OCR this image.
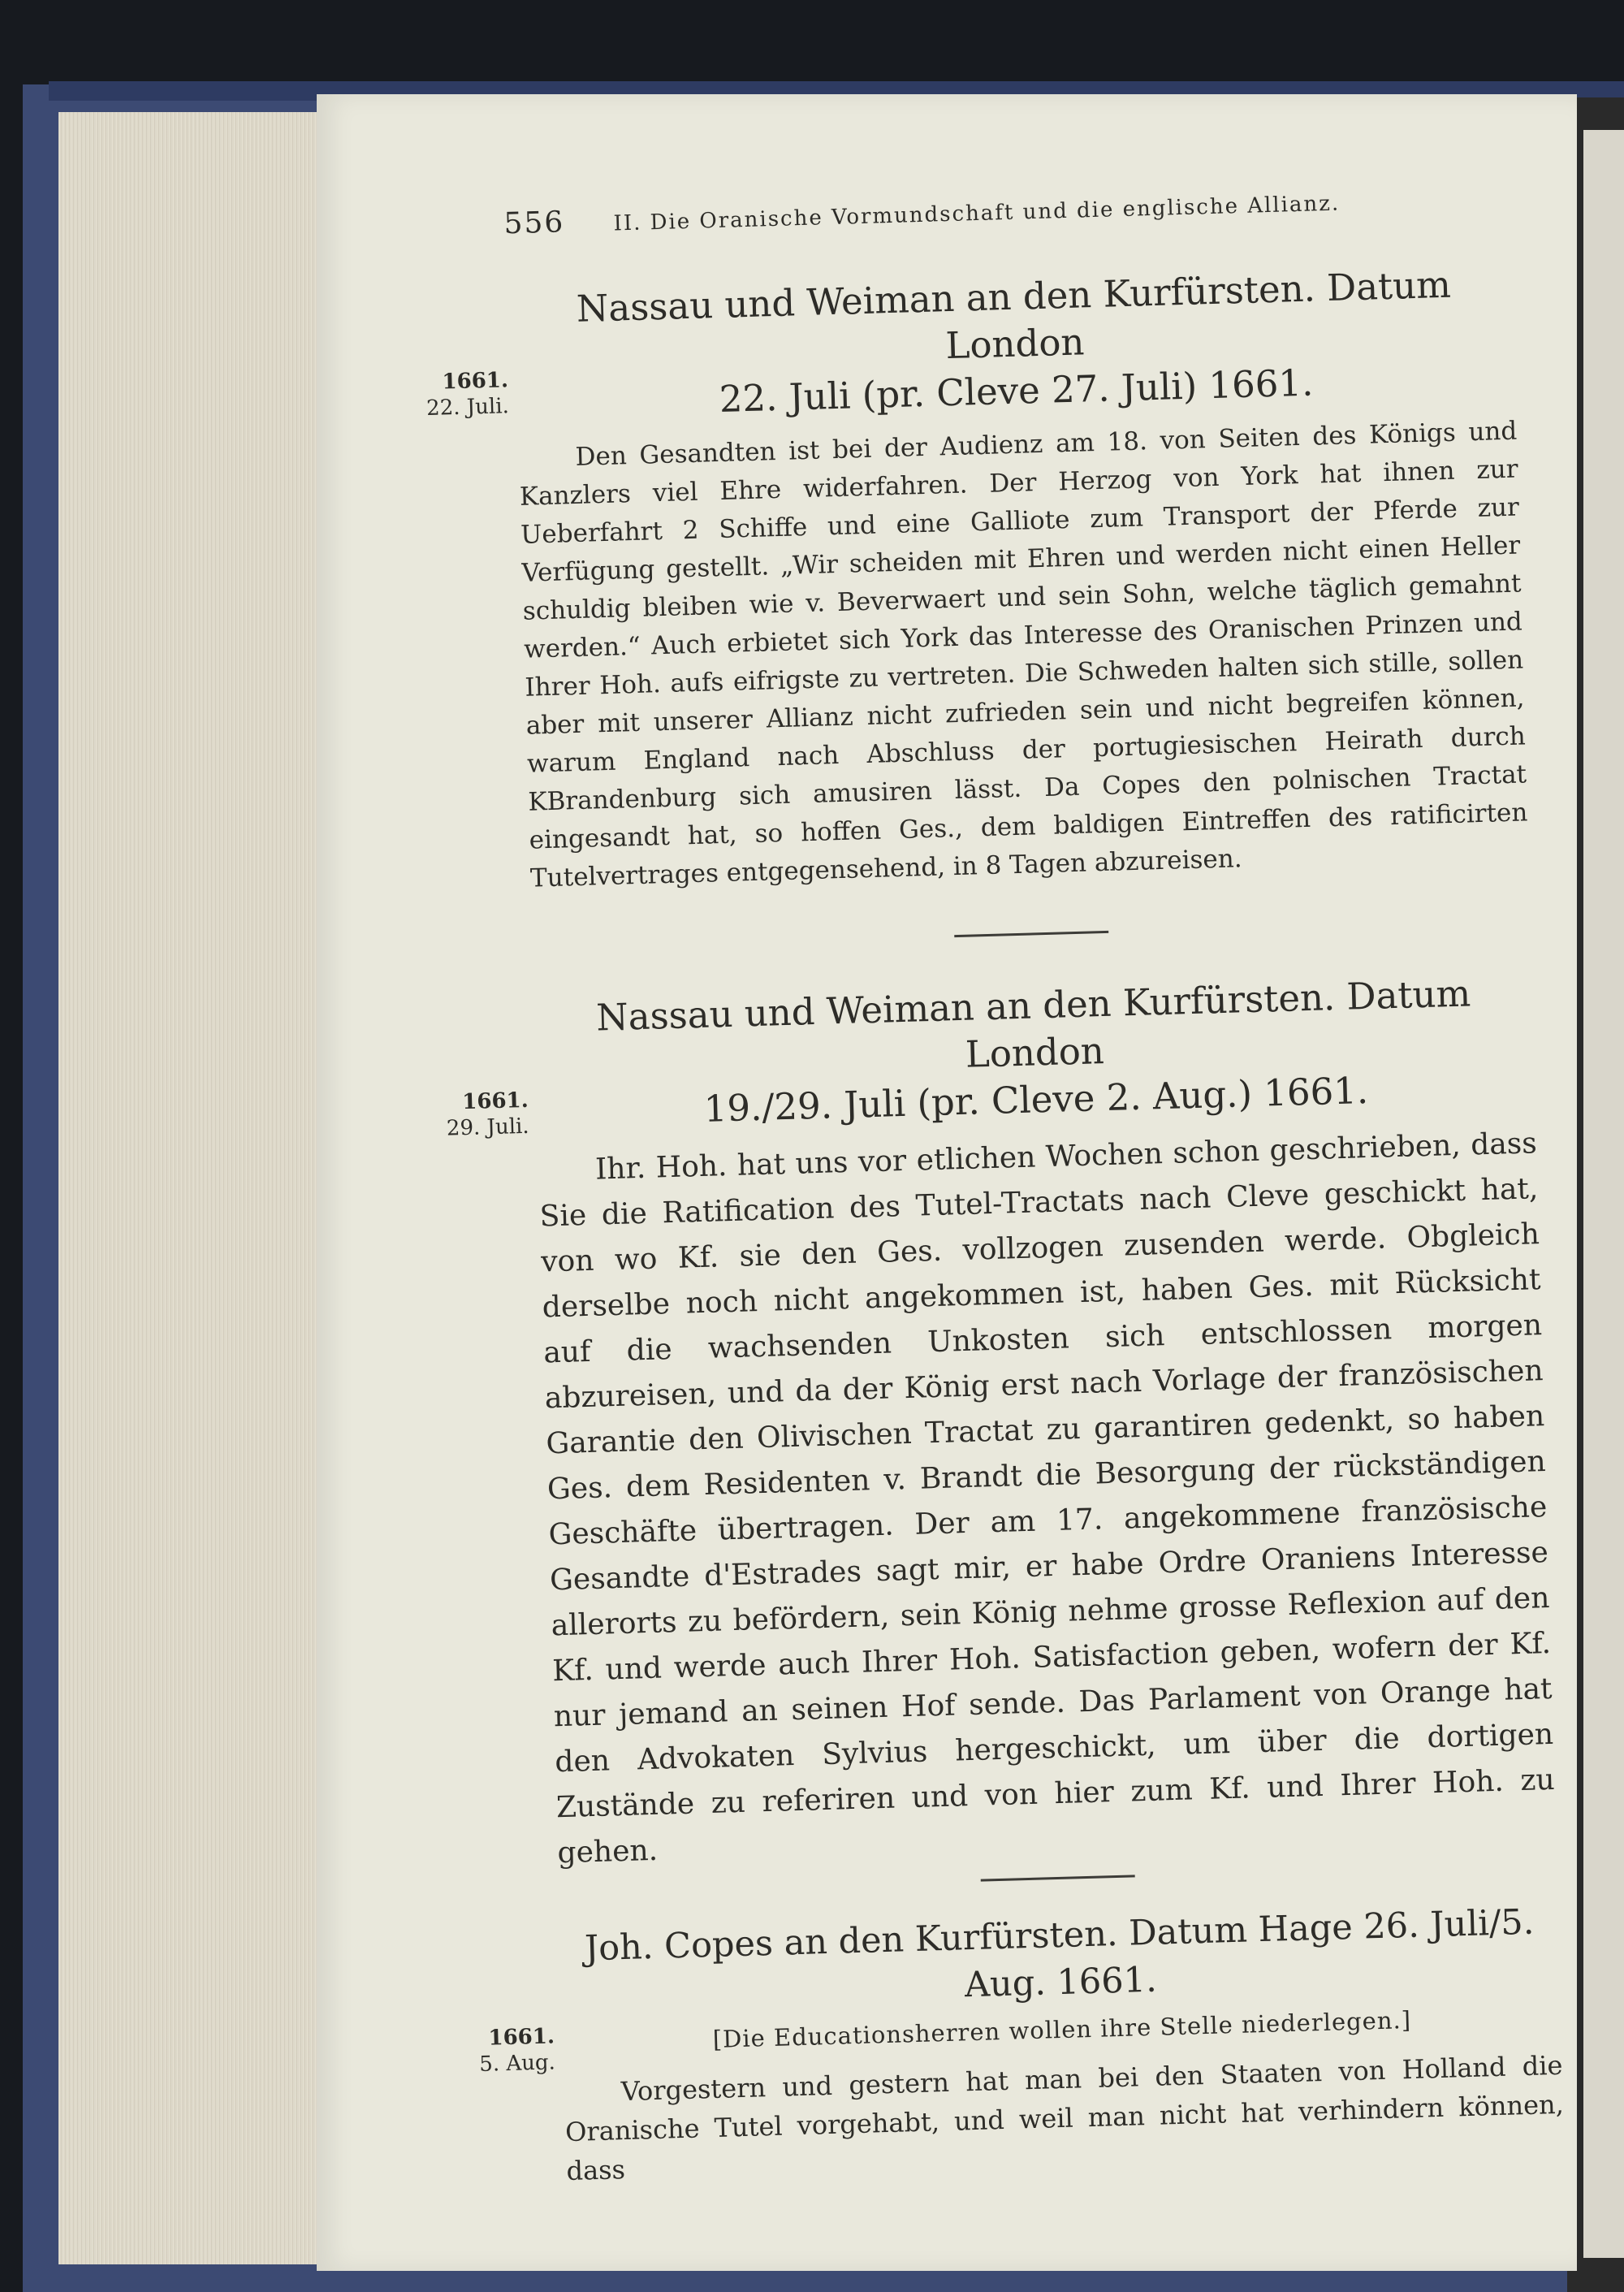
556 II. Die Oranische Vormundschaft und die englische Allianz.
Nassau und Weiman an den Kurfürsten. Datum London
22. Juli (pr. Cleve 27. Juli) 1661.
1661.
22. Juli.

Den Gesandten ist bei der Audienz am 18. von Seiten des Königs und Kanzlers viel Ehre widerfahren. Der Herzog von York hat ihnen zur Ueberfahrt 2 Schiffe und eine Galliote zum Transport der Pferde zur Verfügung gestellt. „Wir scheiden mit Ehren und werden nicht einen Heller schuldig bleiben wie v. Beverwaert und sein Sohn, welche täglich gemahnt werden.“ Auch erbietet sich York das Interesse des Oranischen Prinzen und Ihrer Hoh. aufs eifrigste zu vertreten. Die Schweden halten sich stille, sollen aber mit unserer Allianz nicht zufrieden sein und nicht begreifen können, warum England nach Abschluss der portugiesischen Heirath durch KBrandenburg sich amusiren lässt. Da Copes den polnischen Tractat eingesandt hat, so hoffen Ges., dem baldigen Eintreffen des ratificirten Tutelvertrages entgegensehend, in 8 Tagen abzureisen.

Nassau und Weiman an den Kurfürsten. Datum London
19./29. Juli (pr. Cleve 2. Aug.) 1661.
1661.
29. Juli.	Ihr. Hoh. hat uns vor etlichen Wochen schon geschrieben, dass Sie die Ratification des Tutel-Tractats nach Cleve geschickt hat, von wo Kf. sie den Ges. vollzogen zusenden werde. Obgleich derselbe noch nicht angekommen ist, haben Ges. mit Rücksicht auf die wachsenden Unkosten sich entschlossen morgen abzureisen, und da der König erst nach Vorlage der französischen Garantie den Olivischen Tractat zu garantiren gedenkt, so haben Ges. dem Residenten v. Brandt die Besorgung der rückständigen Geschäfte übertragen. Der am 17. angekommene französische Gesandte d'Estrades sagt mir, er habe Ordre Oraniens Interesse allerorts zu befördern, sein König nehme grosse Reflexion auf den Kf. und werde auch Ihrer Hoh. Satisfaction geben, wofern der Kf. nur jemand an seinen Hof sende. Das Parlament von Orange hat den Advokaten Sylvius hergeschickt, um über die dortigen Zustände zu referiren und von hier zum Kf. und Ihrer Hoh. zu gehen.

Joh. Copes an den Kurfürsten. Datum Hage 26. Juli/5. Aug. 1661.
[Die Educationsherren wollen ihre Stelle niederlegen.]
1661.
5. Aug.	Vorgestern und gestern hat man bei den Staaten von Holland die Oranische Tutel vorgehabt, und weil man nicht hat verhindern können, dass
